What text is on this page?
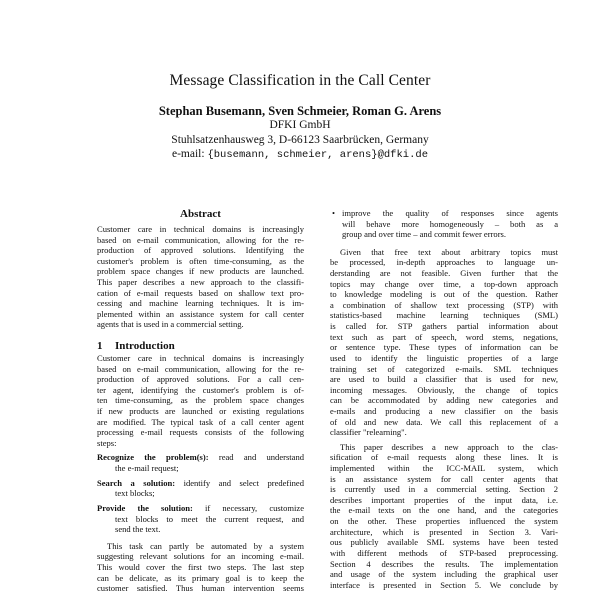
Message Classification in the Call Center
Stephan Busemann, Sven Schmeier, Roman G. Arens
DFKI GmbH
Stuhlsatzenhausweg 3, D-66123 Saarbrücken, Germany
e-mail: {busemann, schmeier, arens}@dfki.de
Abstract
Customer care in technical domains is increasingly
based on e-mail communication, allowing for the re-
production of approved solutions. Identifying the
customer's problem is often time-consuming, as the
problem space changes if new products are launched.
This paper describes a new approach to the classifi-
cation of e-mail requests based on shallow text pro-
cessing and machine learning techniques. It is im-
plemented within an assistance system for call center
agents that is used in a commercial setting.
1 Introduction
Customer care in technical domains is increasingly
based on e-mail communication, allowing for the re-
production of approved solutions. For a call cen-
ter agent, identifying the customer's problem is of-
ten time-consuming, as the problem space changes
if new products are launched or existing regulations
are modified. The typical task of a call center agent
processing e-mail requests consists of the following
steps:
Recognize the problem(s): read and understand
the e-mail request;
Search a solution: identify and select predefined
text blocks;
Provide the solution: if necessary, customize
text blocks to meet the current request, and
send the text.
This task can partly be automated by a system
suggesting relevant solutions for an incoming e-mail.
This would cover the first two steps. The last step
can be delicate, as its primary goal is to keep the
customer satisfied. Thus human intervention seems
• improve the quality of responses since agents
will behave more homogeneously – both as a
group and over time – and commit fewer errors.
Given that free text about arbitrary topics must
be processed, in-depth approaches to language un-
derstanding are not feasible. Given further that the
topics may change over time, a top-down approach
to knowledge modeling is out of the question. Rather
a combination of shallow text processing (STP) with
statistics-based machine learning techniques (SML)
is called for. STP gathers partial information about
text such as part of speech, word stems, negations,
or sentence type. These types of information can be
used to identify the linguistic properties of a large
training set of categorized e-mails. SML techniques
are used to build a classifier that is used for new,
incoming messages. Obviously, the change of topics
can be accommodated by adding new categories and
e-mails and producing a new classifier on the basis
of old and new data. We call this replacement of a
classifier "relearning".
This paper describes a new approach to the clas-
sification of e-mail requests along these lines. It is
implemented within the ICC-MAIL system, which
is an assistance system for call center agents that
is currently used in a commercial setting. Section 2
describes important properties of the input data, i.e.
the e-mail texts on the one hand, and the categories
on the other. These properties influenced the system
architecture, which is presented in Section 3. Vari-
ous publicly available SML systems have been tested
with different methods of STP-based preprocessing.
Section 4 describes the results. The implementation
and usage of the system including the graphical user
interface is presented in Section 5. We conclude by
